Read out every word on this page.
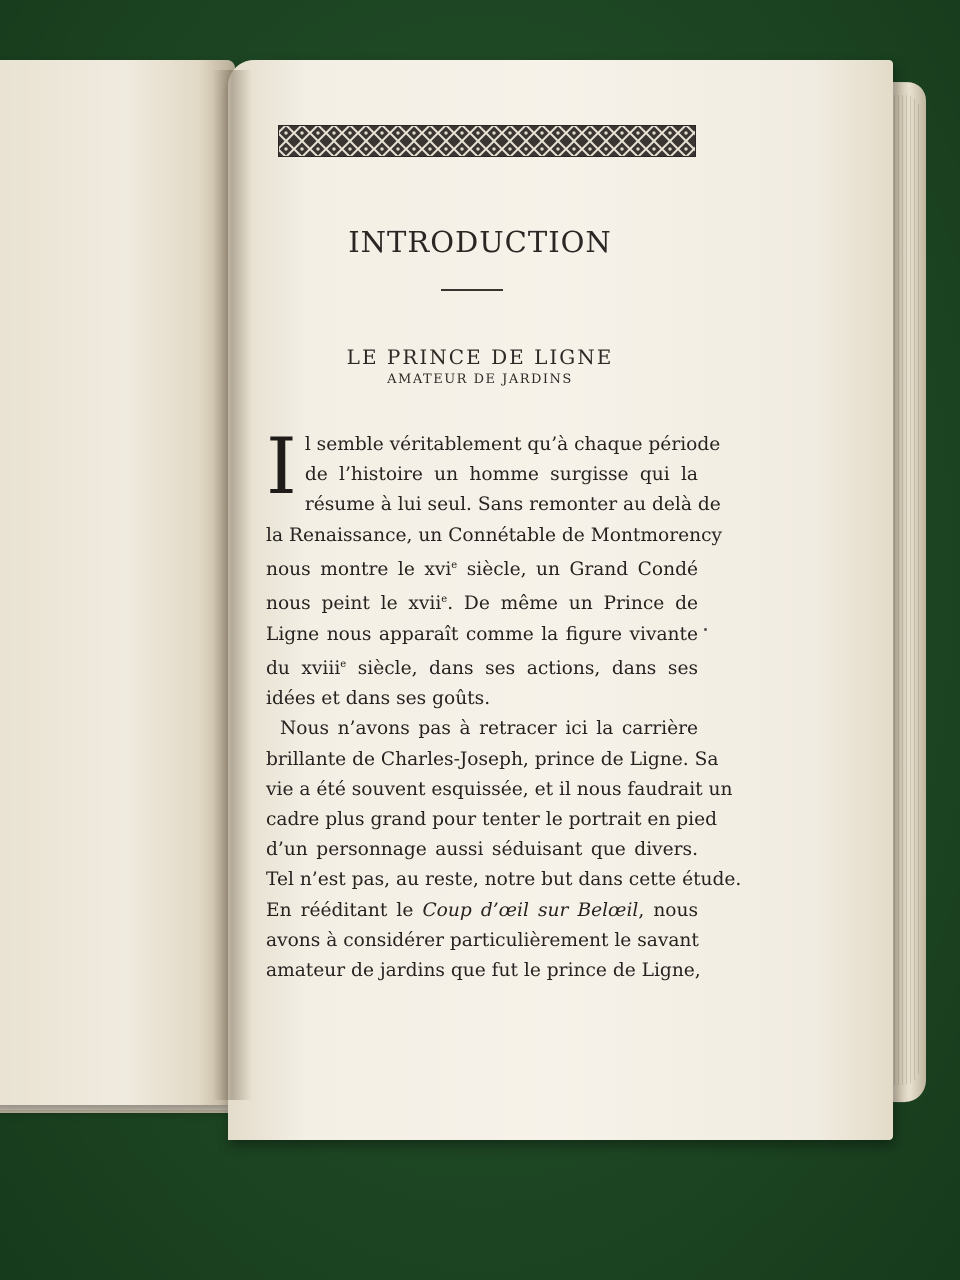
INTRODUCTION
LE PRINCE DE LIGNE
AMATEUR DE JARDINS
I l semble véritablement qu’à chaque période
de l’histoire un homme surgisse qui la
résume à lui seul. Sans remonter au delà de
la Renaissance, un Connétable de Montmorency
nous montre le xvi$^e$ siècle, un Grand Condé
nous peint le xvii$^e$. De même un Prince de
Ligne nous apparaît comme la figure vivante
du xviii$^e$ siècle, dans ses actions, dans ses
idées et dans ses goûts.
Nous n’avons pas à retracer ici la carrière
brillante de Charles-Joseph, prince de Ligne. Sa
vie a été souvent esquissée, et il nous faudrait un
cadre plus grand pour tenter le portrait en pied
d’un personnage aussi séduisant que divers.
Tel n’est pas, au reste, notre but dans cette étude.
En rééditant le Coup d’œil sur Belœil, nous
avons à considérer particulièrement le savant
amateur de jardins que fut le prince de Ligne,
